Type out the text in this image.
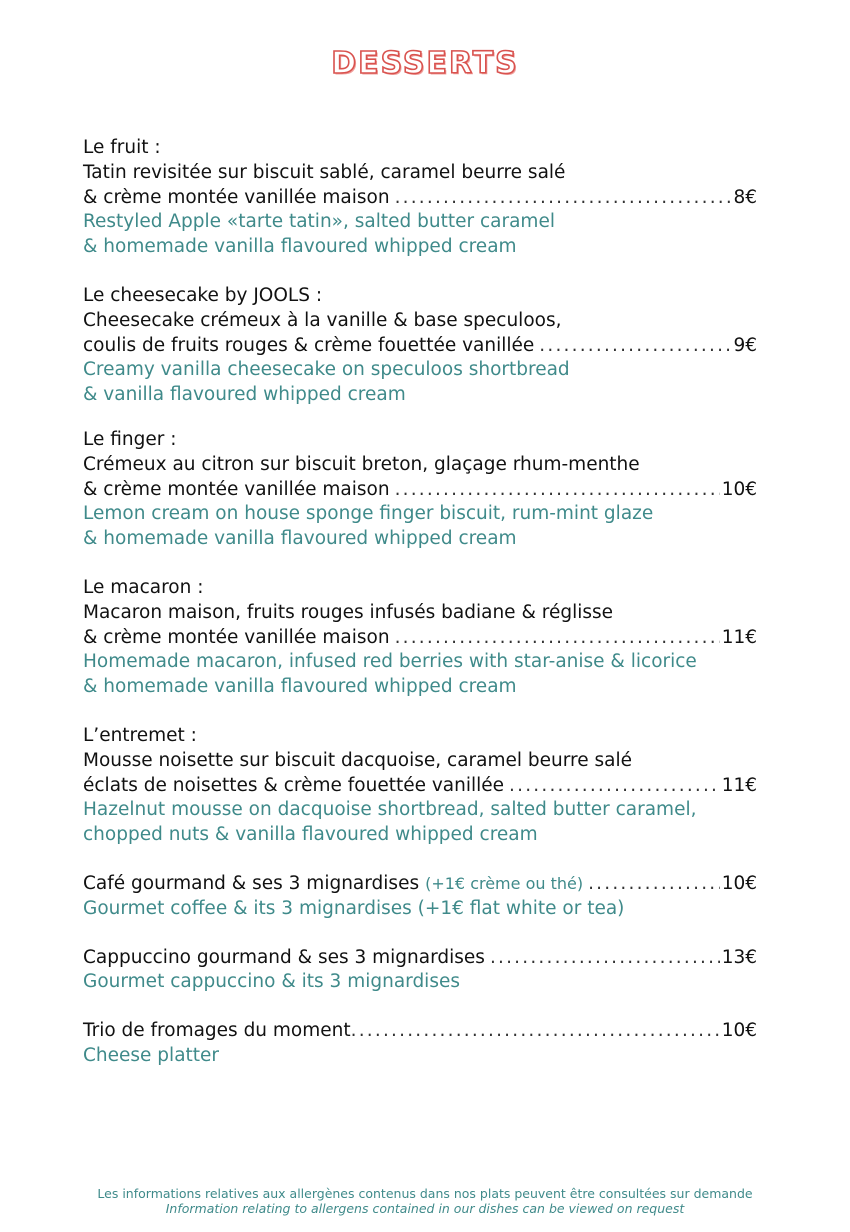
DESSERTS
Le fruit :
Tatin revisitée sur biscuit sablé, caramel beurre salé
& crème montée vanillée maison .....	8€
Restyled Apple «tarte tatin», salted butter caramel
& homemade vanilla flavoured whipped cream
Le cheesecake by JOOLS :
Cheesecake crémeux à la vanille & base speculoos,
coulis de fruits rouges & crème fouettée vanillée .....	9€
Creamy vanilla cheesecake on speculoos shortbread
& vanilla flavoured whipped cream
Le finger :
Crémeux au citron sur biscuit breton, glaçage rhum-menthe
& crème montée vanillée maison .....	10€
Lemon cream on house sponge finger biscuit, rum-mint glaze
& homemade vanilla flavoured whipped cream
Le macaron :
Macaron maison, fruits rouges infusés badiane & réglisse
& crème montée vanillée maison .....	11€
Homemade macaron, infused red berries with star-anise & licorice
& homemade vanilla flavoured whipped cream
L’entremet :
Mousse noisette sur biscuit dacquoise, caramel beurre salé
éclats de noisettes & crème fouettée vanillée .....	11€
Hazelnut mousse on dacquoise shortbread, salted butter caramel,
chopped nuts & vanilla flavoured whipped cream
Café gourmand & ses 3 mignardises (+1€ crème ou thé) .....	10€
Gourmet coffee & its 3 mignardises (+1€ flat white or tea)
Cappuccino gourmand & ses 3 mignardises .....	13€
Gourmet cappuccino & its 3 mignardises
Trio de fromages du moment .....	10€
Cheese platter
Les informations relatives aux allergènes contenus dans nos plats peuvent être consultées sur demande
Information relating to allergens contained in our dishes can be viewed on request
